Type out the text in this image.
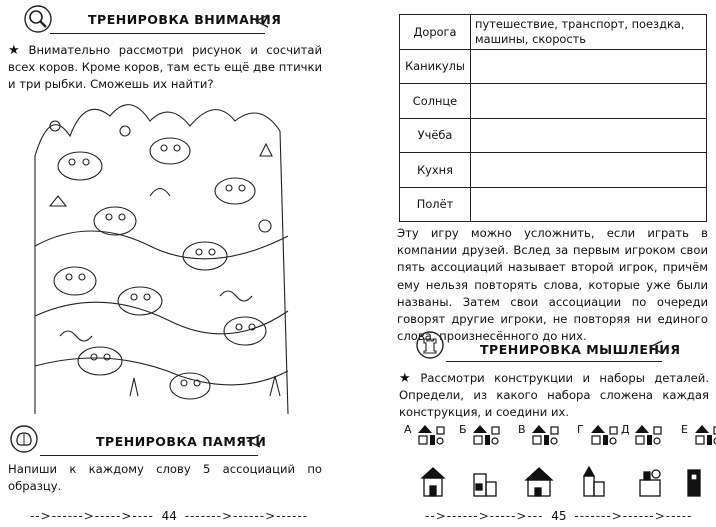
ТРЕНИРОВКА ВНИМАНИЯ
★ Внимательно рассмотри рисунок и сосчитай всех коров. Кроме коров, там есть ещё две птички и три рыбки. Сможешь их найти?
ТРЕНИРОВКА ПАМЯТИ
Напиши к каждому слову 5 ассоциаций по образцу.
-->------>----->---- 44 ------->------>------
Дорога	путешествие, транспорт, поездка, машины, скорость
Каникулы	
Солнце	
Учёба	
Кухня	
Полёт	
Эту игру можно усложнить, если играть в компании друзей. Вслед за первым игроком свои пять ассоциаций называет второй игрок, причём ему нельзя повторять слова, которые уже были названы. Затем свои ассоциации по очереди говорят другие игроки, не повторяя ни единого слова, произнесённого до них.
ТРЕНИРОВКА МЫШЛЕНИЯ
★ Рассмотри конструкции и наборы деталей. Определи, из какого набора сложена каждая конструкция, и соедини их.
А	Б	В	Г	Д	Е
-->------>----->--- 45 ------->------>-----
